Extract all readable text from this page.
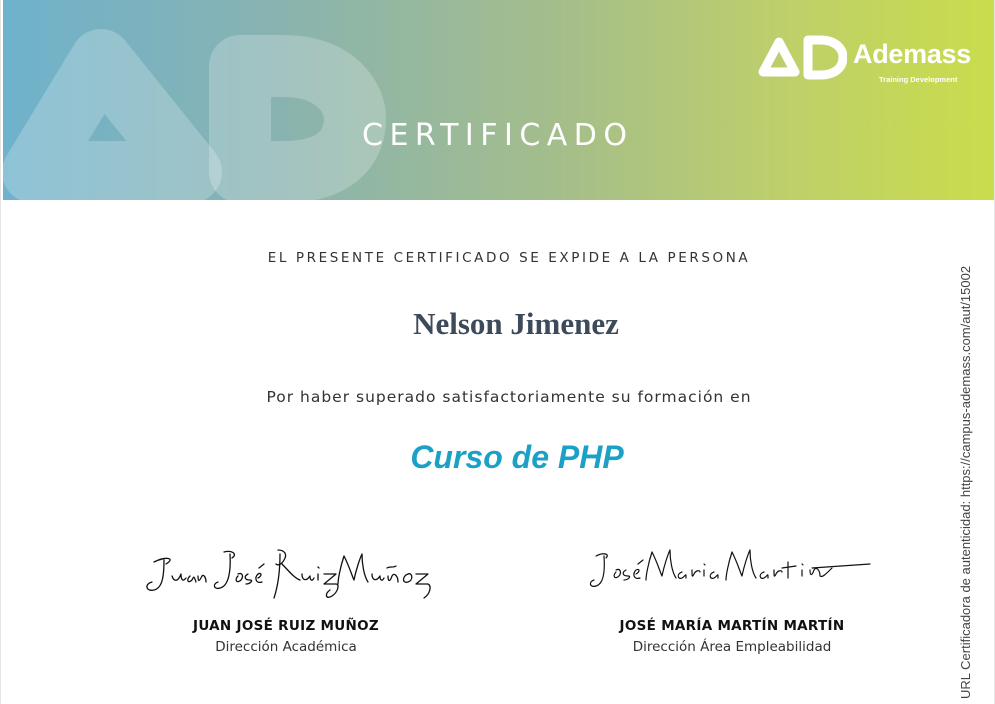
CERTIFICADO
Ademass
Training Development
EL PRESENTE CERTIFICADO SE EXPIDE A LA PERSONA
Nelson Jimenez
Por haber superado satisfactoriamente su formación en
Curso de PHP
JUAN JOSÉ RUIZ MUÑOZ
Dirección Académica
JOSÉ MARÍA MARTÍN MARTÍN
Dirección Área Empleabilidad	URL Certificadora de autenticidad: https://campus-ademass.com/aut/15002
